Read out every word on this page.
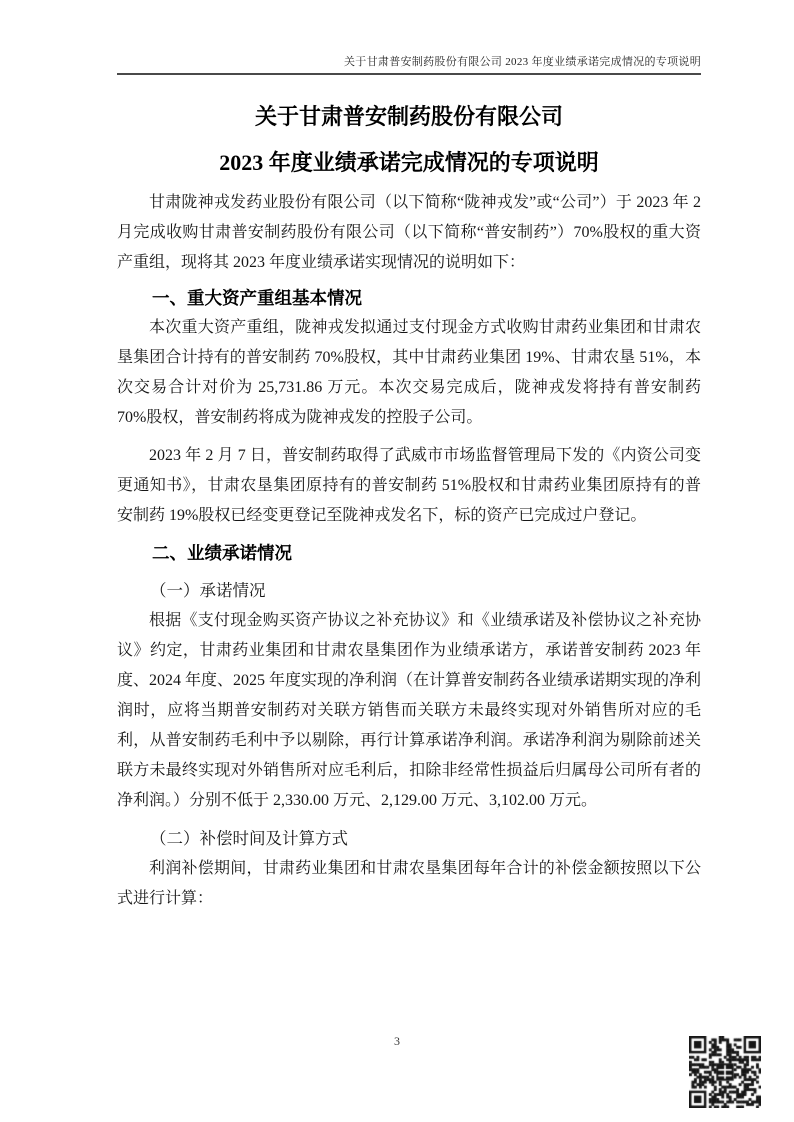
关于甘肃普安制药股份有限公司 2023 年度业绩承诺完成情况的专项说明
关于甘肃普安制药股份有限公司
2023 年度业绩承诺完成情况的专项说明

甘肃陇神戎发药业股份有限公司（以下简称“陇神戎发”或“公司”）于 2023 年 2 月完成收购甘肃普安制药股份有限公司（以下简称“普安制药”）70%股权的重大资产重组，现将其 2023 年度业绩承诺实现情况的说明如下：

一、重大资产重组基本情况

本次重大资产重组，陇神戎发拟通过支付现金方式收购甘肃药业集团和甘肃农垦集团合计持有的普安制药 70%股权，其中甘肃药业集团 19%、甘肃农垦 51%，本次交易合计对价为 25,731.86 万元。本次交易完成后，陇神戎发将持有普安制药 70%股权，普安制药将成为陇神戎发的控股子公司。

2023 年 2 月 7 日，普安制药取得了武威市市场监督管理局下发的《内资公司变更通知书》，甘肃农垦集团原持有的普安制药 51%股权和甘肃药业集团原持有的普安制药 19%股权已经变更登记至陇神戎发名下，标的资产已完成过户登记。

二、业绩承诺情况

（一）承诺情况

根据《支付现金购买资产协议之补充协议》和《业绩承诺及补偿协议之补充协议》约定，甘肃药业集团和甘肃农垦集团作为业绩承诺方，承诺普安制药 2023 年度、2024 年度、2025 年度实现的净利润（在计算普安制药各业绩承诺期实现的净利润时，应将当期普安制药对关联方销售而关联方未最终实现对外销售所对应的毛利，从普安制药毛利中予以剔除，再行计算承诺净利润。承诺净利润为剔除前述关联方未最终实现对外销售所对应毛利后，扣除非经常性损益后归属母公司所有者的净利润。）分别不低于 2,330.00 万元、2,129.00 万元、3,102.00 万元。

（二）补偿时间及计算方式

利润补偿期间，甘肃药业集团和甘肃农垦集团每年合计的补偿金额按照以下公式进行计算：

3
